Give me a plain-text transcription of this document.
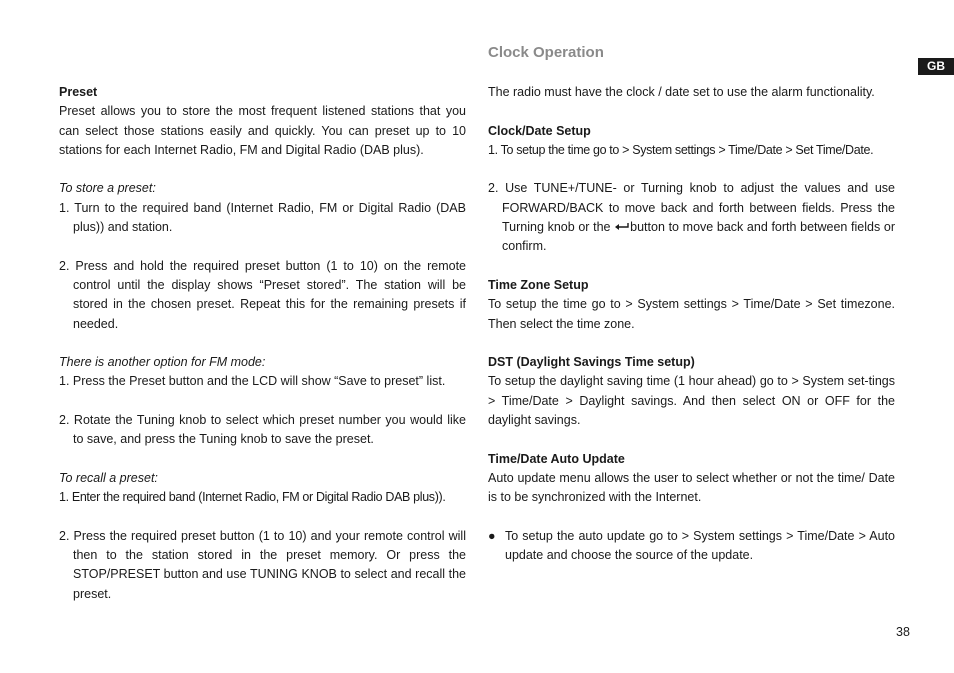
GB
Clock Operation
Preset
Preset allows you to store the most frequent listened stations that you can select those stations easily and quickly. You can preset up to 10 stations for each Internet Radio, FM and Digital Radio (DAB plus).
To store a preset:
1. Turn to the required band (Internet Radio, FM or Digital Radio (DAB plus)) and station.
2. Press and hold the required preset button (1 to 10) on the remote control until the display shows “Preset stored”. The station will be stored in the chosen preset. Repeat this for the remaining presets if needed.
There is another option for FM mode:
1. Press the Preset button and the LCD will show “Save to preset” list.
2. Rotate the Tuning knob to select which preset number you would like to save, and press the Tuning knob to save the preset.
To recall a preset:
1. Enter the required band (Internet Radio, FM or Digital Radio DAB plus)).
2. Press the required preset button (1 to 10) and your remote control will then to the station stored in the preset memory. Or press the STOP/PRESET button and use TUNING KNOB to select and recall the preset.
The radio must have the clock / date set to use the alarm functionality.
Clock/Date Setup
1. To setup the time go to > System settings > Time/Date > Set Time/Date.
2. Use TUNE+/TUNE- or Turning knob to adjust the values and use FORWARD/BACK to move back and forth between fields. Press the Turning knob or the button to move back and forth between fields or confirm.
Time Zone Setup
To setup the time go to > System settings > Time/Date > Set timezone. Then select the time zone.
DST (Daylight Savings Time setup)
To setup the daylight saving time (1 hour ahead) go to > System set-tings > Time/Date > Daylight savings. And then select ON or OFF for the daylight savings.
Time/Date Auto Update
Auto update menu allows the user to select whether or not the time/ Date is to be synchronized with the Internet.
● To setup the auto update go to > System settings > Time/Date > Auto update and choose the source of the update.
38
